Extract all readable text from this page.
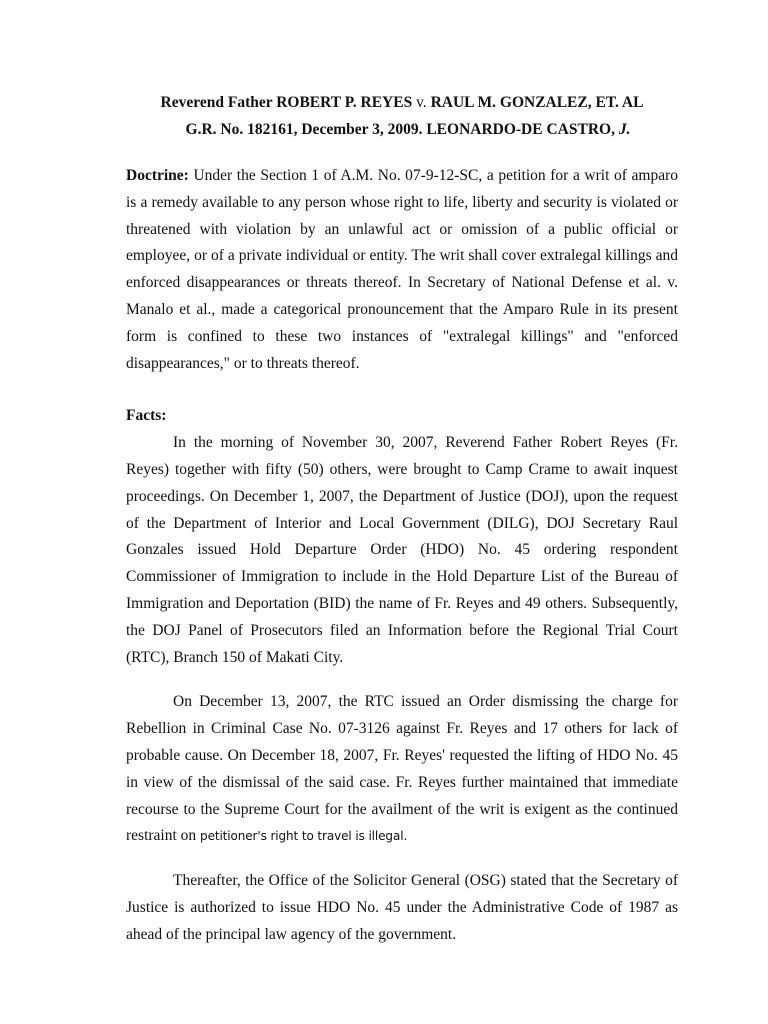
Reverend Father ROBERT P. REYES v. RAUL M. GONZALEZ, ET. AL

G.R. No. 182161, December 3, 2009. LEONARDO-DE CASTRO, J.

Doctrine: Under the Section 1 of A.M. No. 07-9-12-SC, a petition for a writ of amparo is a remedy available to any person whose right to life, liberty and security is violated or threatened with violation by an unlawful act or omission of a public official or employee, or of a private individual or entity. The writ shall cover extralegal killings and enforced disappearances or threats thereof. In Secretary of National Defense et al. v. Manalo et al., made a categorical pronouncement that the Amparo Rule in its present form is confined to these two instances of "extralegal killings" and "enforced disappearances," or to threats thereof.

Facts:

In the morning of November 30, 2007, Reverend Father Robert Reyes (Fr. Reyes) together with fifty (50) others, were brought to Camp Crame to await inquest proceedings. On December 1, 2007, the Department of Justice (DOJ), upon the request of the Department of Interior and Local Government (DILG), DOJ Secretary Raul Gonzales issued Hold Departure Order (HDO) No. 45 ordering respondent Commissioner of Immigration to include in the Hold Departure List of the Bureau of Immigration and Deportation (BID) the name of Fr. Reyes and 49 others. Subsequently, the DOJ Panel of Prosecutors filed an Information before the Regional Trial Court (RTC), Branch 150 of Makati City.

On December 13, 2007, the RTC issued an Order dismissing the charge for Rebellion in Criminal Case No. 07-3126 against Fr. Reyes and 17 others for lack of probable cause. On December 18, 2007, Fr. Reyes' requested the lifting of HDO No. 45 in view of the dismissal of the said case. Fr. Reyes further maintained that immediate recourse to the Supreme Court for the availment of the writ is exigent as the continued restraint on petitioner's right to travel is illegal.

Thereafter, the Office of the Solicitor General (OSG) stated that the Secretary of Justice is authorized to issue HDO No. 45 under the Administrative Code of 1987 as ahead of the principal law agency of the government.
